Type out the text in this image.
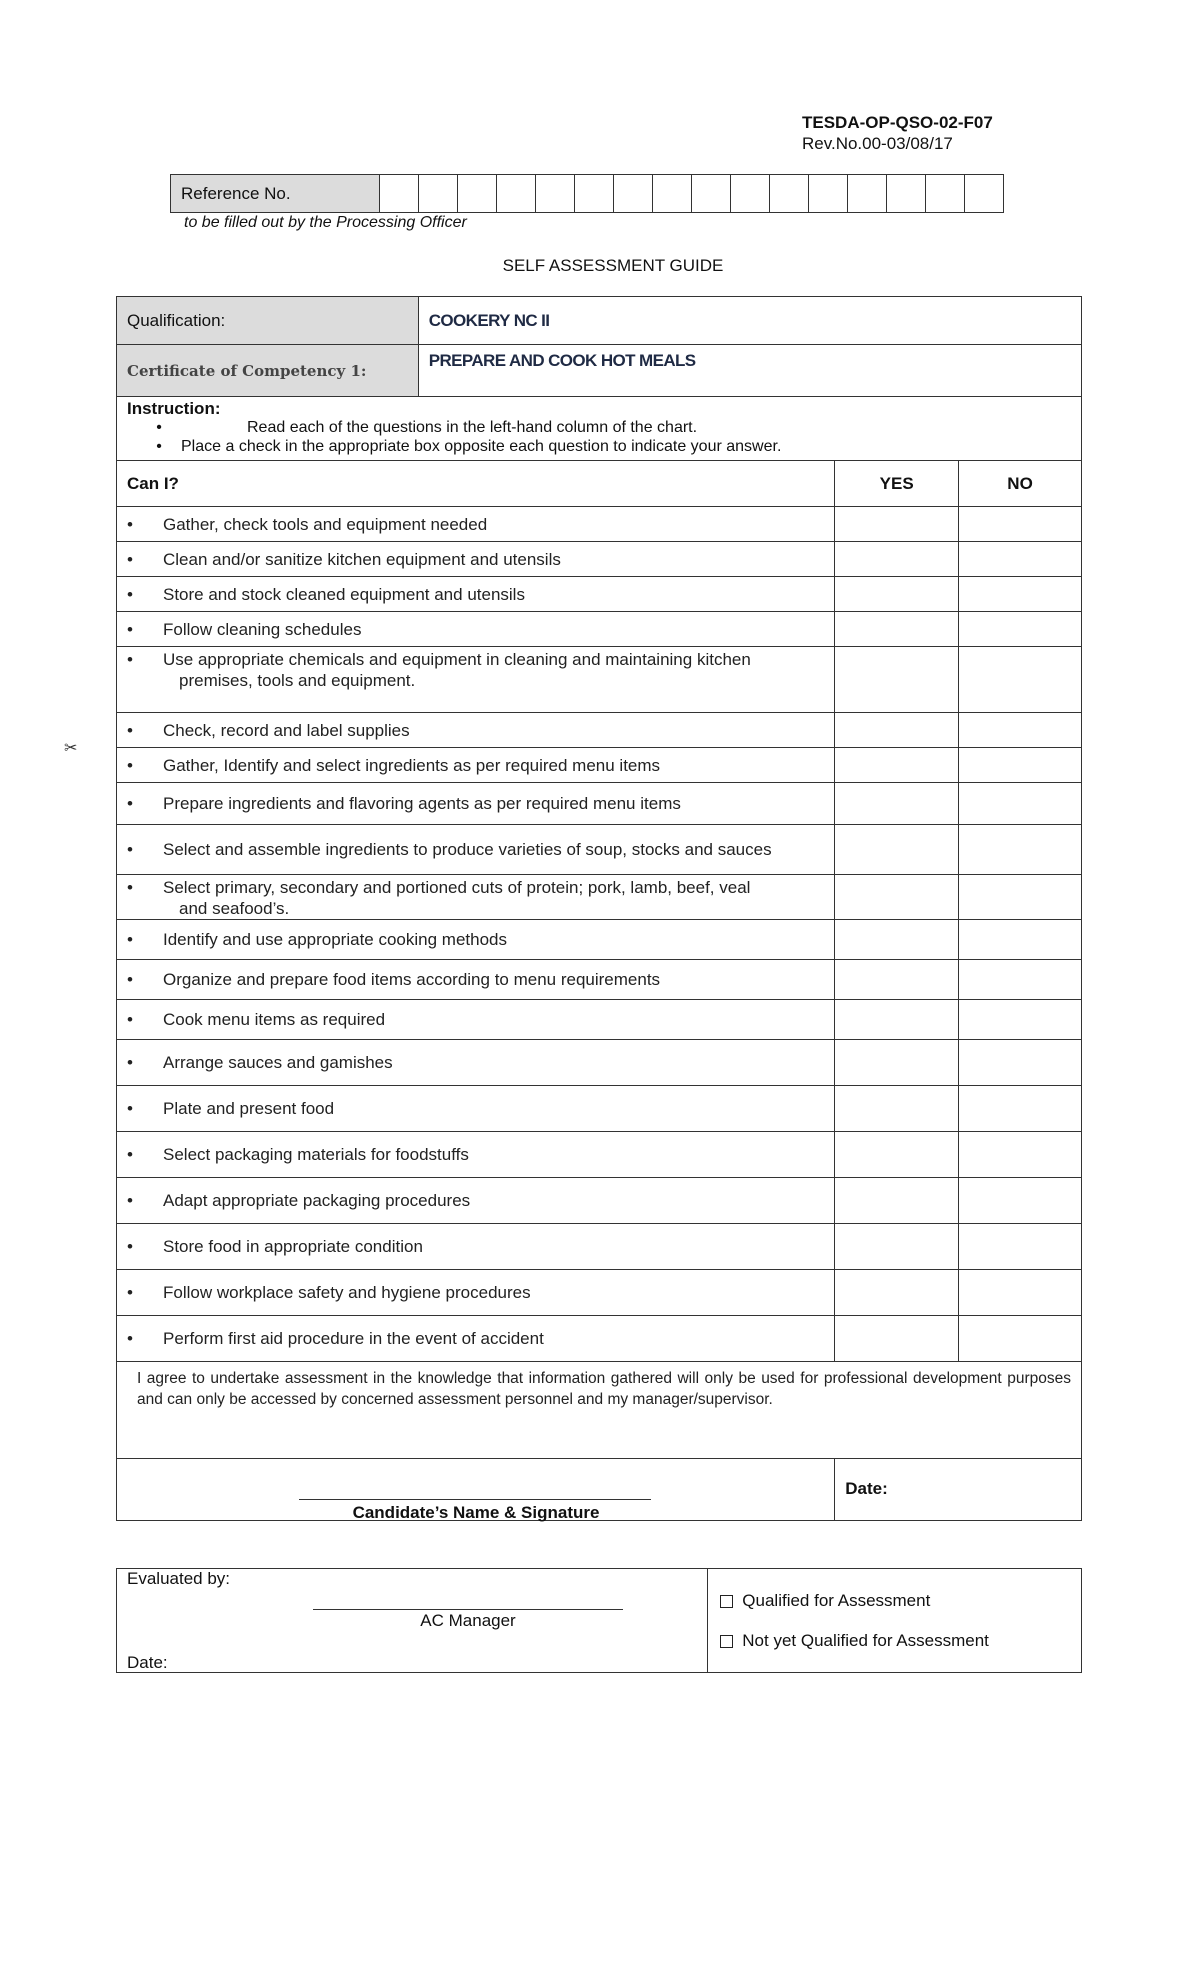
TESDA-OP-QSO-02-F07
Rev.No.00-03/08/17
Reference No.																
to be filled out by the Processing Officer
SELF ASSESSMENT GUIDE
✂
Qualification:	COOKERY NC II		
Certificate of Competency 1:	PREPARE AND COOK HOT MEALS		

Instruction:
• Read each of the questions in the left-hand column of the chart.
• Place a check in the appropriate box opposite each question to indicate your answer.			

Can I?		YES	NO

• Gather, check tools and equipment needed			

• Clean and/or sanitize kitchen equipment and utensils			

• Store and stock cleaned equipment and utensils			

• Follow cleaning schedules			

• Use appropriate chemicals and equipment in cleaning and maintaining kitchen
premises, tools and equipment.			

• Check, record and label supplies			

• Gather, Identify and select ingredients as per required menu items			

• Prepare ingredients and flavoring agents as per required menu items			

• Select and assemble ingredients to produce varieties of soup, stocks and sauces			

• Select primary, secondary and portioned cuts of protein; pork, lamb, beef, veal
and seafood’s.			

• Identify and use appropriate cooking methods			

• Organize and prepare food items according to menu requirements			

• Cook menu items as required			

• Arrange sauces and gamishes			

• Plate and present food			

• Select packaging materials for foodstuffs			

• Adapt appropriate packaging procedures			

• Store food in appropriate condition			

• Follow workplace safety and hygiene procedures			

• Perform first aid procedure in the event of accident			

I agree to undertake assessment in the knowledge that information gathered will only be used for professional development purposes and can only be accessed by concerned assessment personnel and my manager/supervisor.			

Candidate’s Name & Signature		Date:	
Evaluated by:
AC Manager
Date:

Qualified for Assessment
Not yet Qualified for Assessment
